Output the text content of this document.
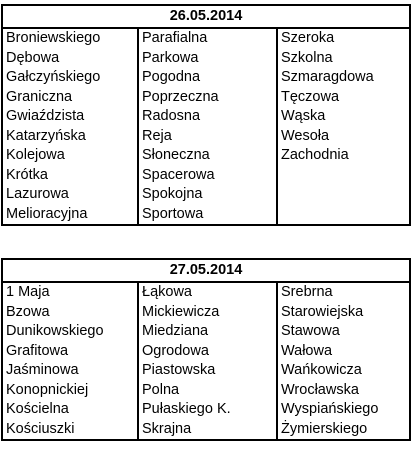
26.05.2014		
Broniewskiego	Parafialna	Szeroka
Dębowa	Parkowa	Szkolna
Gałczyńskiego	Pogodna	Szmaragdowa
Graniczna	Poprzeczna	Tęczowa
Gwiaździsta	Radosna	Wąska
Katarzyńska	Reja	Wesoła
Kolejowa	Słoneczna	Zachodnia
Krótka	Spacerowa	
Lazurowa	Spokojna	
Melioracyjna	Sportowa	
27.05.2014		
1 Maja	Łąkowa	Srebrna
Bzowa	Mickiewicza	Starowiejska
Dunikowskiego	Miedziana	Stawowa
Grafitowa	Ogrodowa	Wałowa
Jaśminowa	Piastowska	Wańkowicza
Konopnickiej	Polna	Wrocławska
Kościelna	Pułaskiego K.	Wyspiańskiego
Kościuszki	Skrajna	Żymierskiego
